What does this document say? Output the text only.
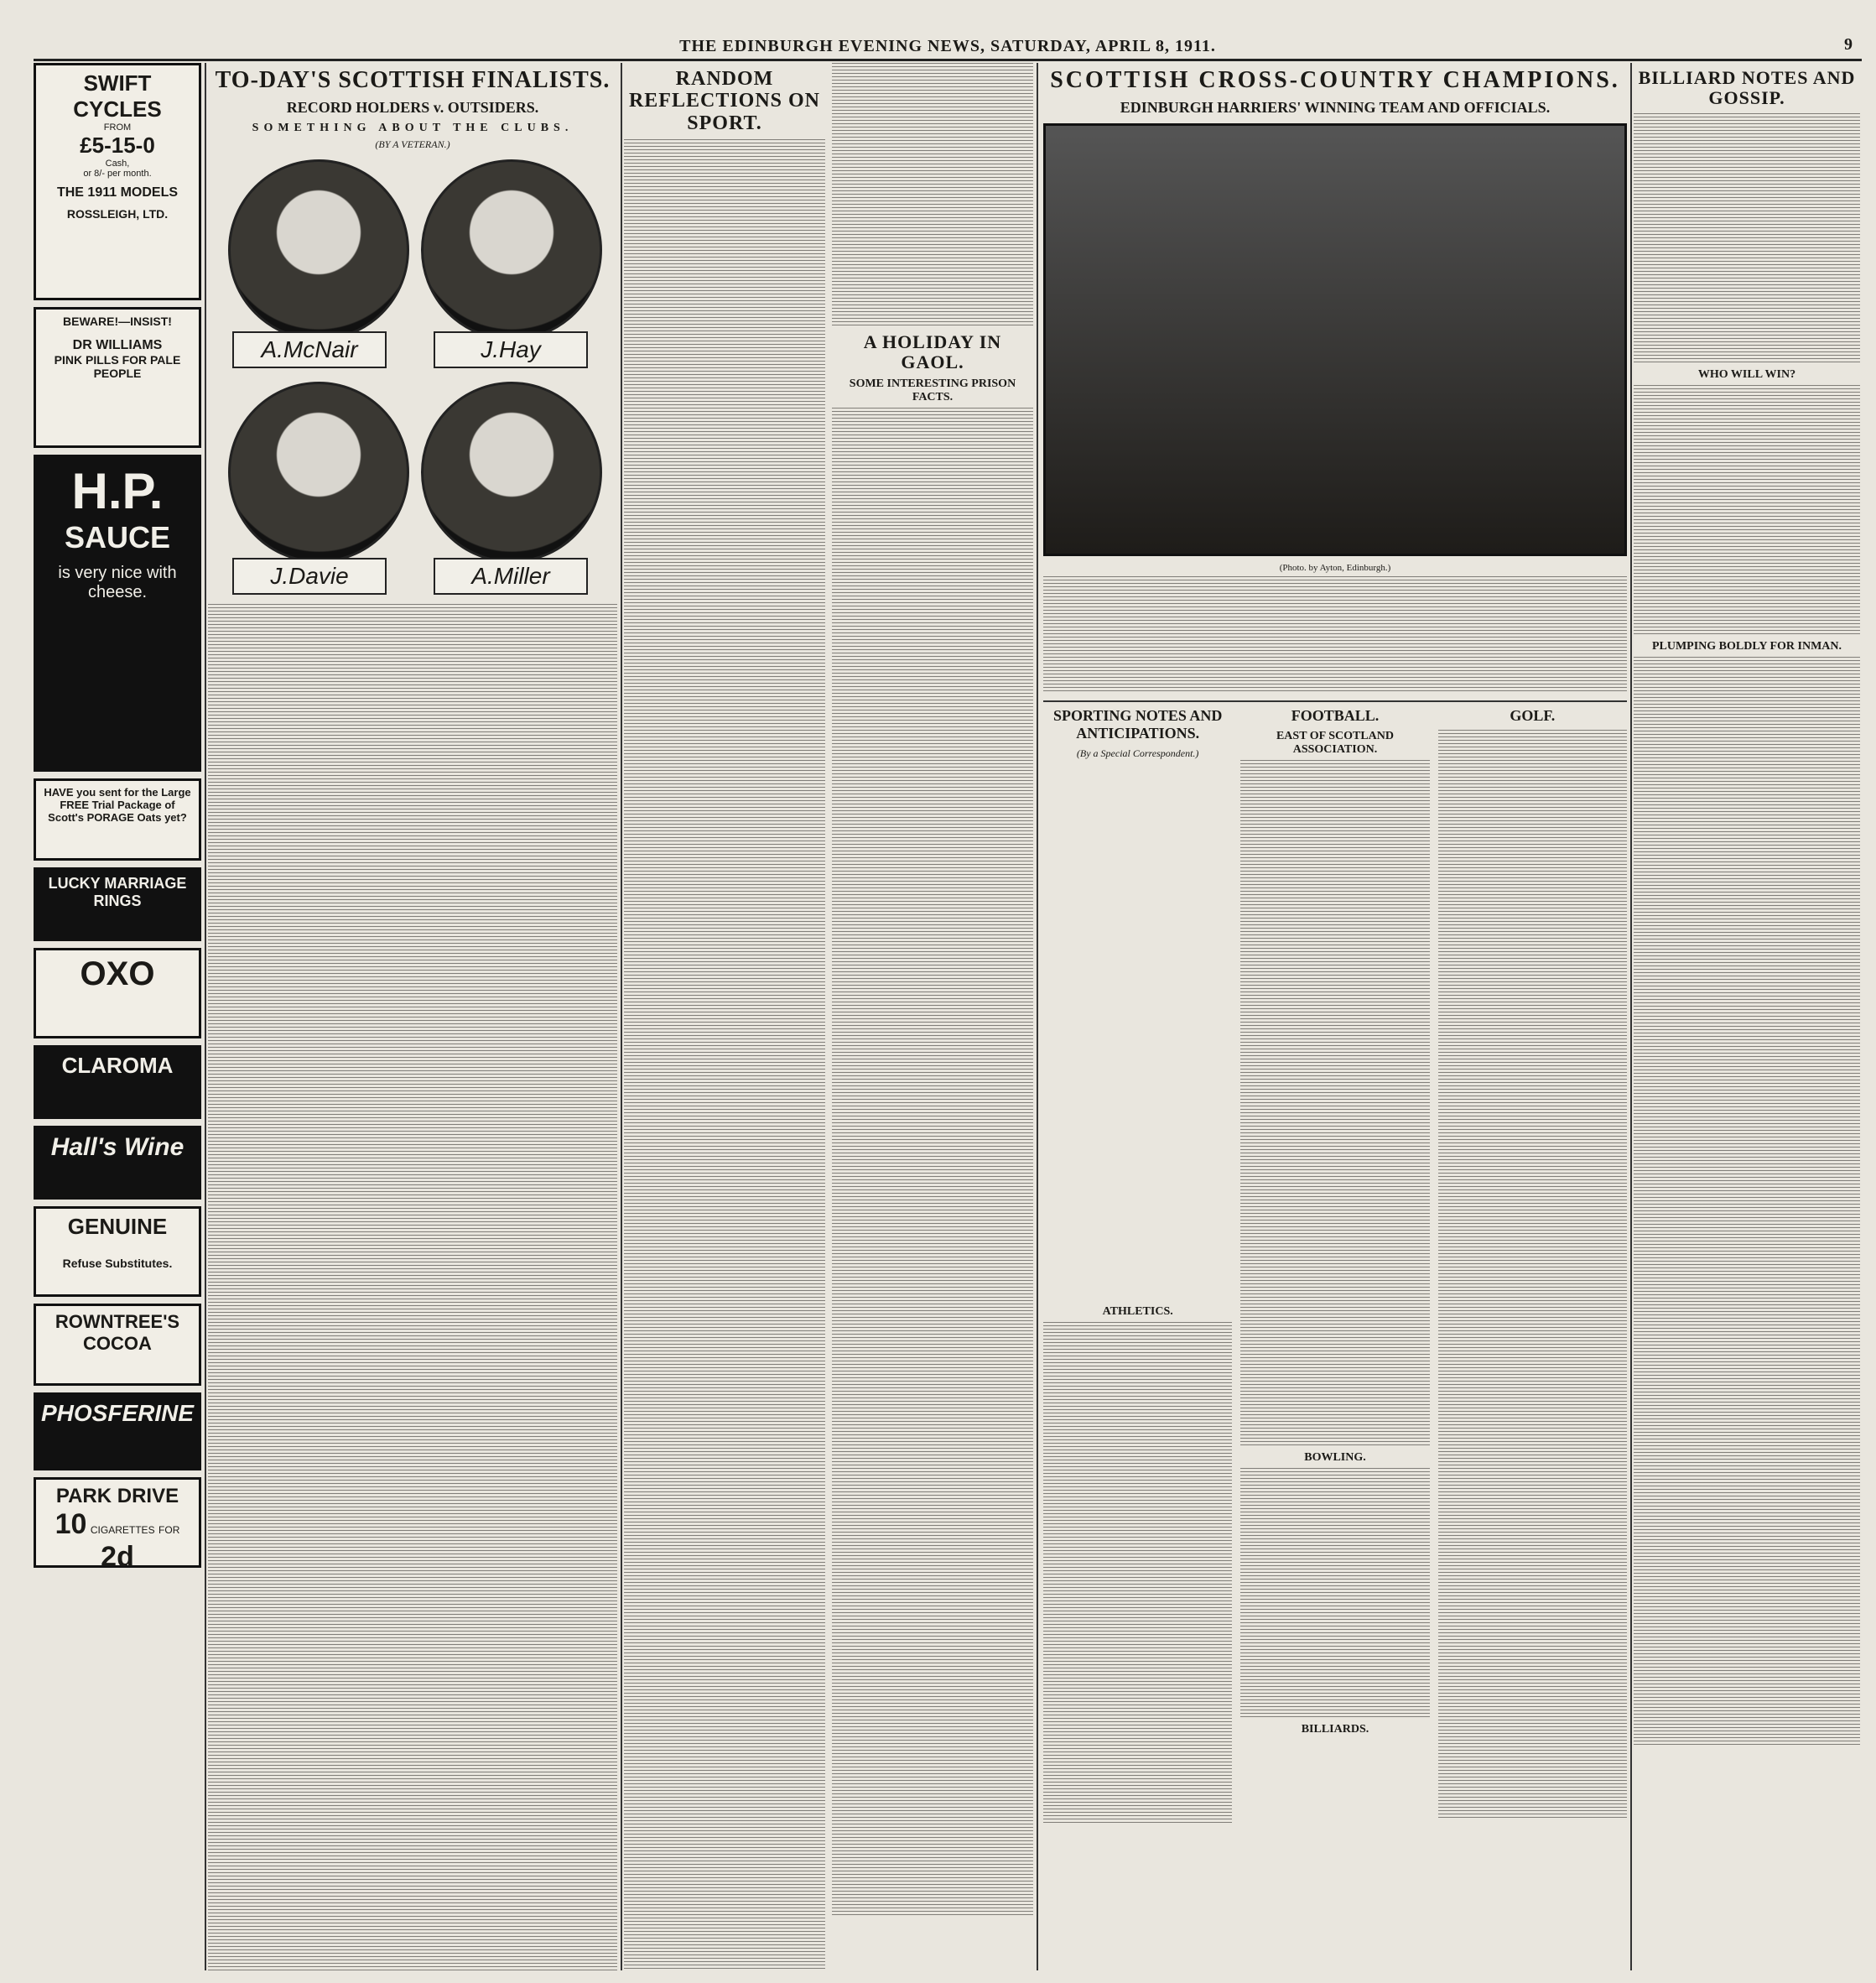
THE EDINBURGH EVENING NEWS, SATURDAY, APRIL 8, 1911.	9
SWIFT
CYCLES
FROM
£5-15-0
Cash,
or 8/- per month.
THE 1911 MODELS
ROSSLEIGH, LTD.
BEWARE!—INSIST!
DR WILLIAMS
PINK PILLS FOR PALE PEOPLE
H.P.
SAUCE
is very nice with cheese.
HAVE you sent for the Large FREE Trial Package of Scott's PORAGE Oats yet?
LUCKY MARRIAGE RINGS
OXO
CLAROMA
Hall's Wine
GENUINE
Refuse Substitutes.
ROWNTREE'S
COCOA
PHOSFERINE
PARK DRIVE
10 CIGARETTES FOR 2d
TO-DAY'S SCOTTISH FINALISTS.
RECORD HOLDERS v. OUTSIDERS.
SOMETHING ABOUT THE CLUBS.
(BY A VETERAN.)
A.McNair	J.Hay
J.Davie	A.Miller
RANDOM REFLECTIONS ON SPORT.
A HOLIDAY IN GAOL.
SOME INTERESTING PRISON FACTS.
SCOTTISH CROSS-COUNTRY CHAMPIONS.
EDINBURGH HARRIERS' WINNING TEAM AND OFFICIALS.
(Photo. by Ayton, Edinburgh.)
SPORTING NOTES AND ANTICIPATIONS.
(By a Special Correspondent.)
ATHLETICS.
FOOTBALL.
EAST OF SCOTLAND ASSOCIATION.
BOWLING.
BILLIARDS.
GOLF.
BILLIARD NOTES AND GOSSIP.
WHO WILL WIN?
PLUMPING BOLDLY FOR INMAN.
